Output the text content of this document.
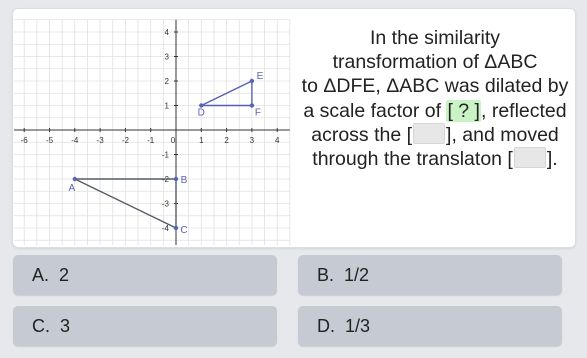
-6 -5 -4 -3 -2 -1 0	1	2	3	4
4
3
2
1
-1
-2
-3
-4
A
B
C
D
E
F
In the similarity
transformation of ΔABC
to ΔDFE, ΔABC was dilated by
a scale factor of [ ? ], reflected
across the [ ], and moved
through the translaton [ ].
A. 2	B. 1/2
C. 3	D. 1/3
